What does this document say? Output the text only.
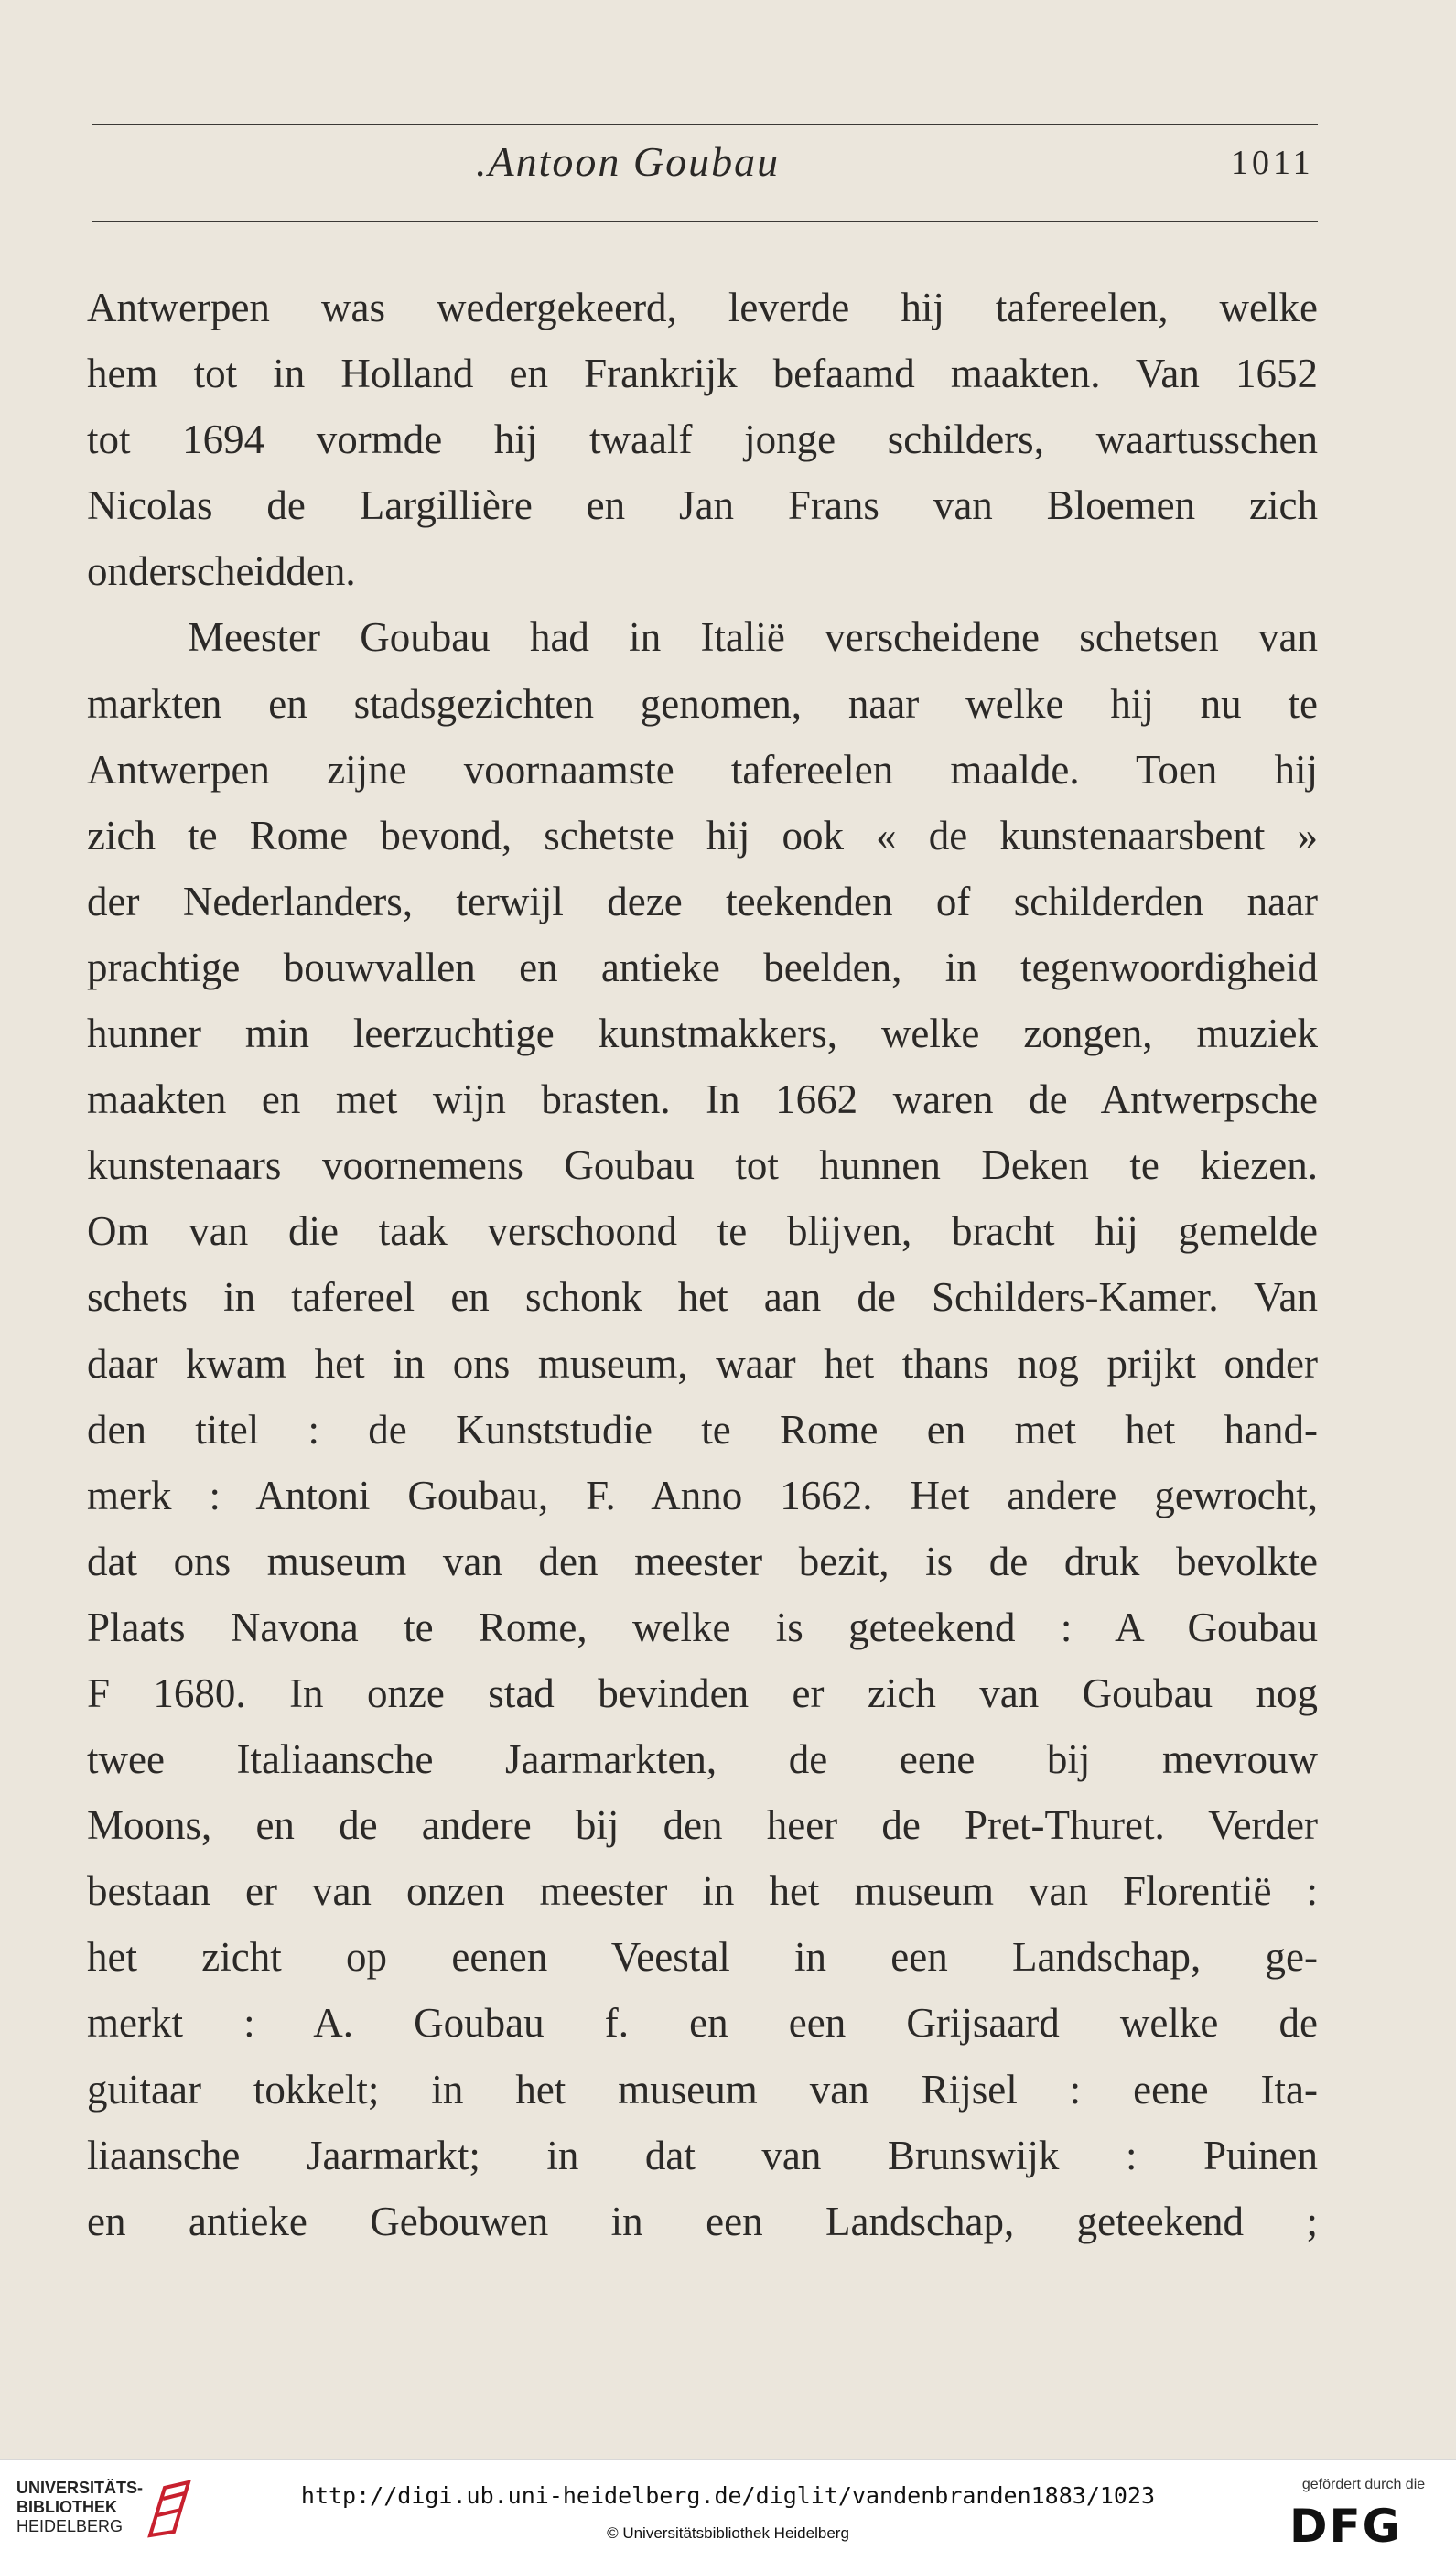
.Antoon Goubau	1011
Antwerpen was wedergekeerd, leverde hij tafereelen, welke
hem tot in Holland en Frankrijk befaamd maakten. Van 1652
tot 1694 vormde hij twaalf jonge schilders, waartusschen
Nicolas de Largillière en Jan Frans van Bloemen zich
onderscheidden.
Meester Goubau had in Italië verscheidene schetsen van
markten en stadsgezichten genomen, naar welke hij nu te
Antwerpen zijne voornaamste tafereelen maalde. Toen hij
zich te Rome bevond, schetste hij ook « de kunstenaarsbent »
der Nederlanders, terwijl deze teekenden of schilderden naar
prachtige bouwvallen en antieke beelden, in tegenwoordigheid
hunner min leerzuchtige kunstmakkers, welke zongen, muziek
maakten en met wijn brasten. In 1662 waren de Antwerpsche
kunstenaars voornemens Goubau tot hunnen Deken te kiezen.
Om van die taak verschoond te blijven, bracht hij gemelde
schets in tafereel en schonk het aan de Schilders-Kamer. Van
daar kwam het in ons museum, waar het thans nog prijkt onder
den titel : de Kunststudie te Rome en met het hand-
merk : Antoni Goubau, F. Anno 1662. Het andere gewrocht,
dat ons museum van den meester bezit, is de druk bevolkte
Plaats Navona te Rome, welke is geteekend : A Goubau
F 1680. In onze stad bevinden er zich van Goubau nog
twee Italiaansche Jaarmarkten, de eene bij mevrouw
Moons, en de andere bij den heer de Pret-Thuret. Verder
bestaan er van onzen meester in het museum van Florentië :
het zicht op eenen Veestal in een Landschap, ge-
merkt : A. Goubau f. en een Grijsaard welke de
guitaar tokkelt; in het museum van Rijsel : eene Ita-
liaansche Jaarmarkt; in dat van Brunswijk : Puinen
en antieke Gebouwen in een Landschap, geteekend ;
UNIVERSITÄTS-
BIBLIOTHEK
HEIDELBERG
http://digi.ub.uni-heidelberg.de/diglit/vandenbranden1883/1023
© Universitätsbibliothek Heidelberg
gefördert durch die
DFG
